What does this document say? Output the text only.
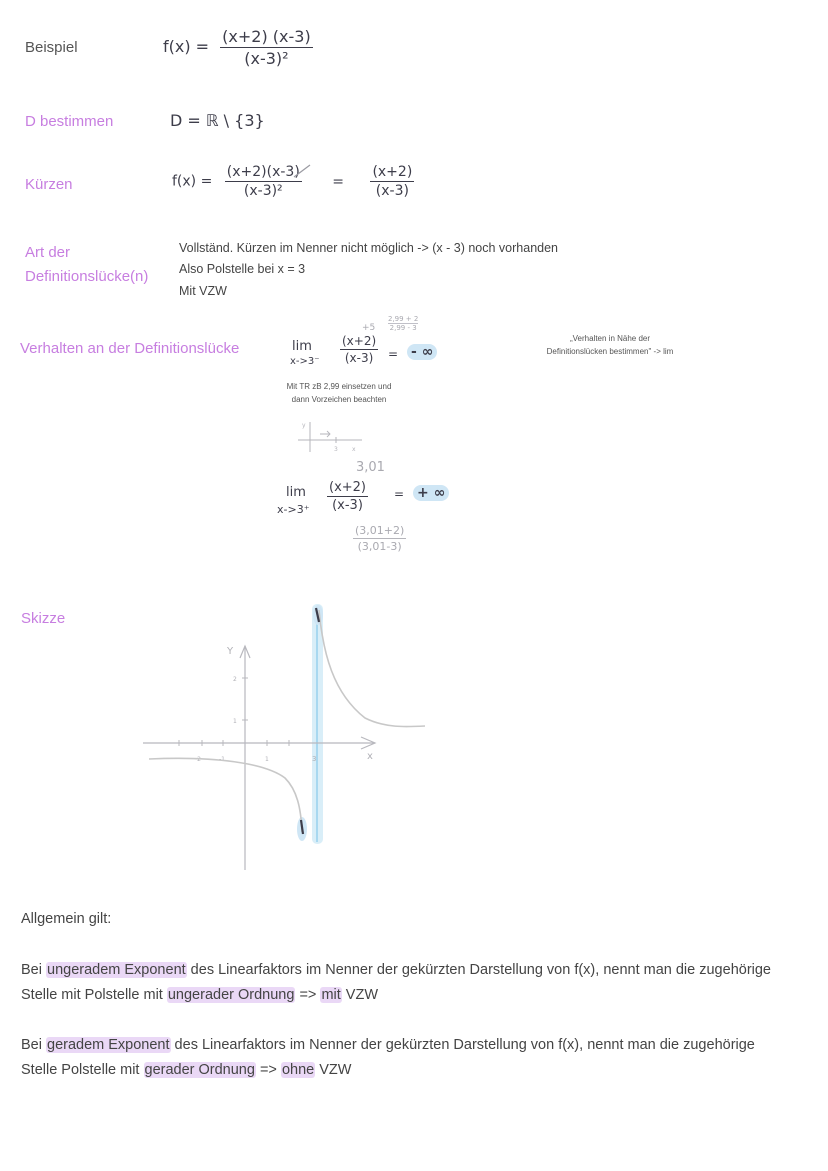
Beispiel
D bestimmen
Kürzen
Art der
Definitionslücke(n)
Verhalten an der Definitionslücke
Skizze
$f(x) = \frac{(x+2) (x-3)}{\text{(x-3)²}}$
D = ℝ \ {3}
$f(x) = \frac{(x+2)(x-3)}{\text{(x-3)²}} = \frac{(x+2)}{(x-3)}$
Vollständ. Kürzen im Nenner nicht möglich -> (x - 3) noch vorhanden
Also Polstelle bei x = 3
Mit VZW
$\frac{2,99 + 2}{2,99 - 3}$
+5
lim
$x->3^- \frac{(x+2)}{(x-3)}$ = - ∞
Mit TR zB 2,99 einsetzen und
dann Vorzeichen beachten
„Verhalten in Nähe der
Definitionslücken bestimmen" -> lim
y
3 x
3,01
lim
$x->3^+ \frac{(x+2)}{(x-3)}$ = + ∞
$\frac{(3,01+2)}{(3,01-3)}$
Y
x
2
1
-2	-1	1	3
Allgemein gilt:
Bei ungeradem Exponent des Linearfaktors im Nenner der gekürzten Darstellung von f(x), nennt man die zugehörige
Stelle mit Polstelle mit ungerader Ordnung => mit VZW
Bei geradem Exponent des Linearfaktors im Nenner der gekürzten Darstellung von f(x), nennt man die zugehörige
Stelle Polstelle mit gerader Ordnung => ohne VZW
